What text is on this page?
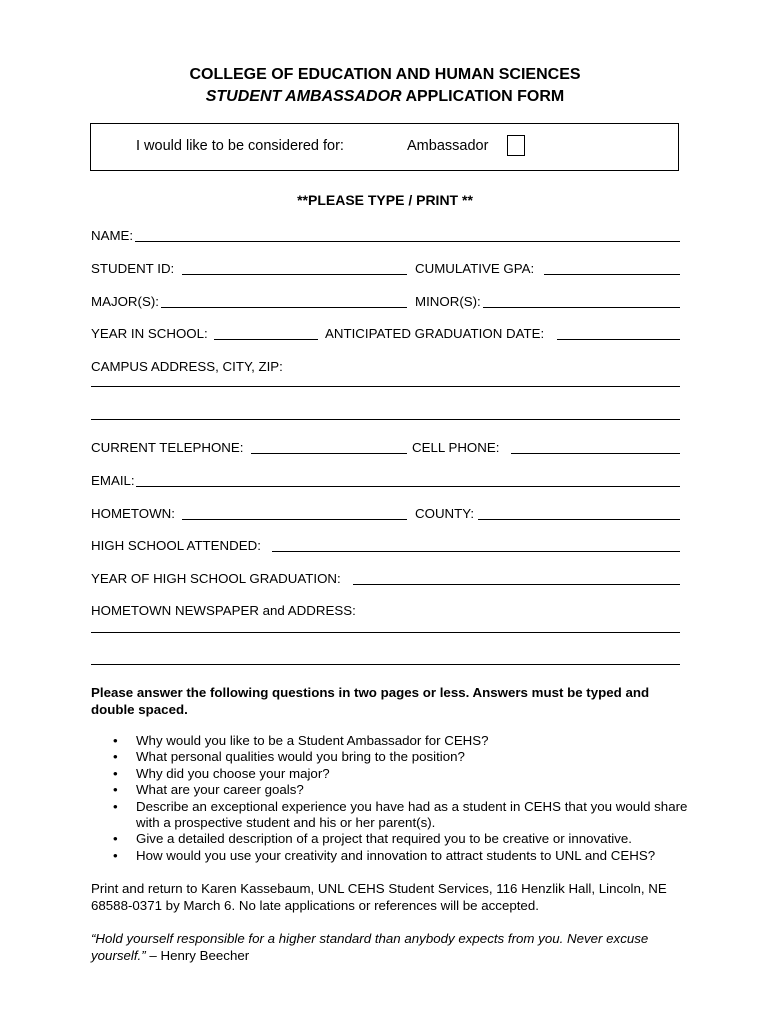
COLLEGE OF EDUCATION AND HUMAN SCIENCES
STUDENT AMBASSADOR APPLICATION FORM
I would like to be considered for:	Ambassador
**PLEASE TYPE / PRINT **
NAME:
STUDENT ID:	CUMULATIVE GPA:
MAJOR(S):	MINOR(S):
YEAR IN SCHOOL:	ANTICIPATED GRADUATION DATE:
CAMPUS ADDRESS, CITY, ZIP:
CURRENT TELEPHONE:	CELL PHONE:
EMAIL:
HOMETOWN:	COUNTY:
HIGH SCHOOL ATTENDED:
YEAR OF HIGH SCHOOL GRADUATION:
HOMETOWN NEWSPAPER and ADDRESS:
Please answer the following questions in two pages or less. Answers must be typed and double spaced.
• Why would you like to be a Student Ambassador for CEHS?
• What personal qualities would you bring to the position?
• Why did you choose your major?
• What are your career goals?
• Describe an exceptional experience you have had as a student in CEHS that you would share with a prospective student and his or her parent(s).
• Give a detailed description of a project that required you to be creative or innovative.
• How would you use your creativity and innovation to attract students to UNL and CEHS?
Print and return to Karen Kassebaum, UNL CEHS Student Services, 116 Henzlik Hall, Lincoln, NE 68588-0371 by March 6. No late applications or references will be accepted.
“Hold yourself responsible for a higher standard than anybody expects from you. Never excuse yourself.” – Henry Beecher
